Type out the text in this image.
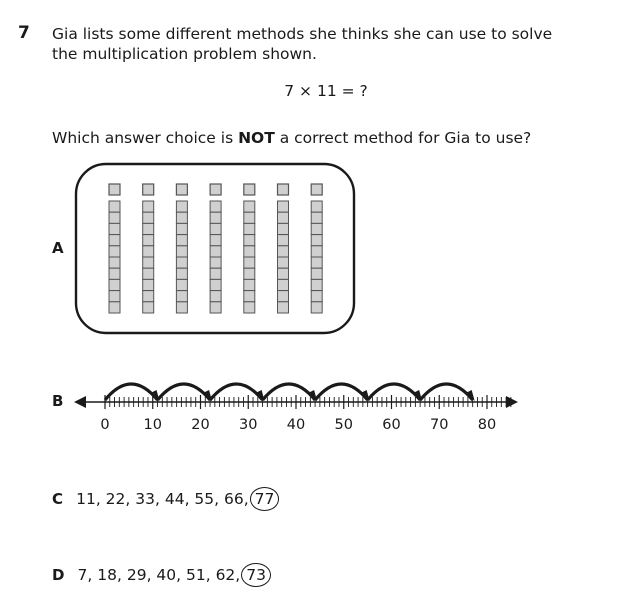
7 Gia lists some different methods she thinks she can use to solve
the multiplication problem shown.
7 × 11 = ?
Which answer choice is NOT a correct method for Gia to use?
A
B
0 10 20 30 40 50 60 70 80
C 11, 22, 33, 44, 55, 66, 77
D 7, 18, 29, 40, 51, 62, 73
